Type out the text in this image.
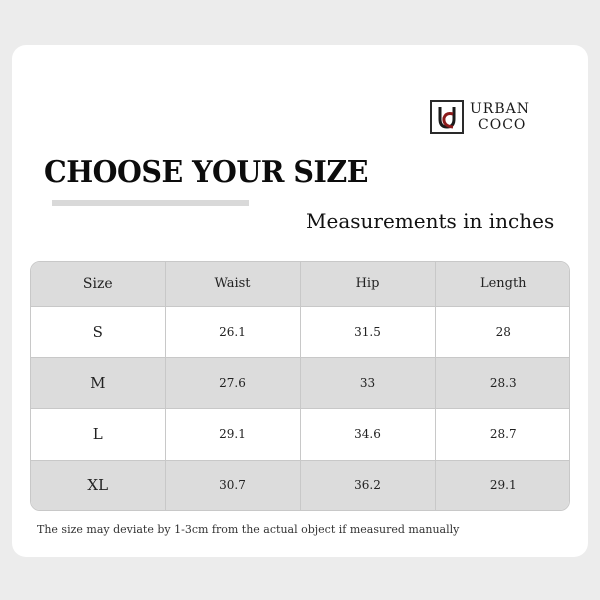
URBAN
COCO
CHOOSE YOUR SIZE
Measurements in inches
Size	Waist	Hip	Length
S	26.1	31.5	28
M	27.6	33	28.3
L	29.1	34.6	28.7
XL	30.7	36.2	29.1
The size may deviate by 1-3cm from the actual object if measured manually
